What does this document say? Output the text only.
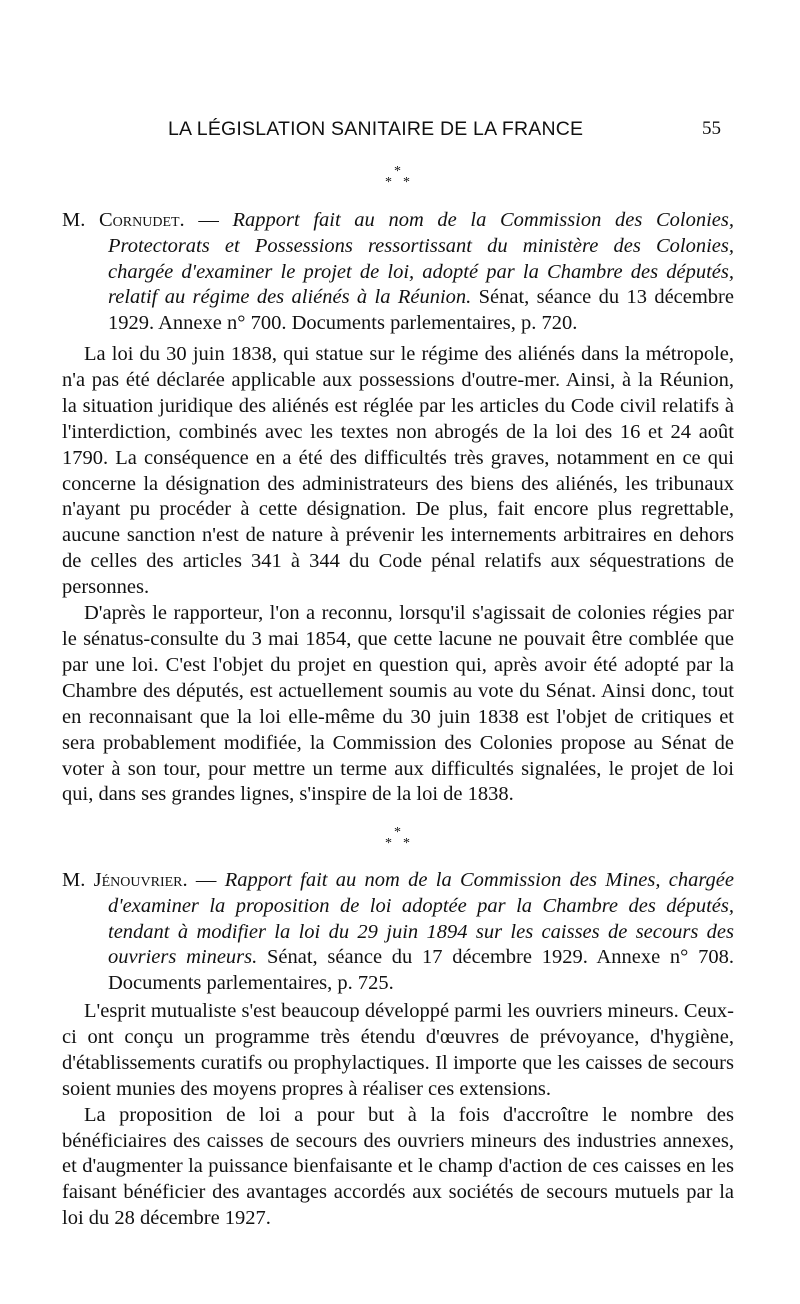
LA LÉGISLATION SANITAIRE DE LA FRANCE	55
*
* *

M. Cornudet. — Rapport fait au nom de la Commission des Colonies, Protectorats et Possessions ressortissant du ministère des Colonies, chargée d'examiner le projet de loi, adopté par la Chambre des députés, relatif au régime des aliénés à la Réunion. Sénat, séance du 13 décembre 1929. Annexe n° 700. Documents parlementaires, p. 720.

La loi du 30 juin 1838, qui statue sur le régime des aliénés dans la métropole, n'a pas été déclarée applicable aux possessions d'outre-mer. Ainsi, à la Réunion, la situation juridique des aliénés est réglée par les articles du Code civil relatifs à l'interdiction, combinés avec les textes non abrogés de la loi des 16 et 24 août 1790. La conséquence en a été des difficultés très graves, notamment en ce qui concerne la désignation des administrateurs des biens des aliénés, les tribunaux n'ayant pu procéder à cette désignation. De plus, fait encore plus regrettable, aucune sanction n'est de nature à prévenir les internements arbitraires en dehors de celles des articles 341 à 344 du Code pénal relatifs aux séquestrations de personnes.

D'après le rapporteur, l'on a reconnu, lorsqu'il s'agissait de colonies régies par le sénatus-consulte du 3 mai 1854, que cette lacune ne pouvait être comblée que par une loi. C'est l'objet du projet en question qui, après avoir été adopté par la Chambre des députés, est actuellement soumis au vote du Sénat. Ainsi donc, tout en reconnaisant que la loi elle-même du 30 juin 1838 est l'objet de critiques et sera probablement modifiée, la Commission des Colonies propose au Sénat de voter à son tour, pour mettre un terme aux difficultés signalées, le projet de loi qui, dans ses grandes lignes, s'inspire de la loi de 1838.

*
* *

M. Jénouvrier. — Rapport fait au nom de la Commission des Mines, chargée d'examiner la proposition de loi adoptée par la Chambre des députés, tendant à modifier la loi du 29 juin 1894 sur les caisses de secours des ouvriers mineurs. Sénat, séance du 17 décembre 1929. Annexe n° 708. Documents parlementaires, p. 725.

L'esprit mutualiste s'est beaucoup développé parmi les ouvriers mineurs. Ceux-ci ont conçu un programme très étendu d'œuvres de prévoyance, d'hygiène, d'établissements curatifs ou prophylactiques. Il importe que les caisses de secours soient munies des moyens propres à réaliser ces extensions.

La proposition de loi a pour but à la fois d'accroître le nombre des bénéficiaires des caisses de secours des ouvriers mineurs des industries annexes, et d'augmenter la puissance bienfaisante et le champ d'action de ces caisses en les faisant bénéficier des avantages accordés aux sociétés de secours mutuels par la loi du 28 décembre 1927.
